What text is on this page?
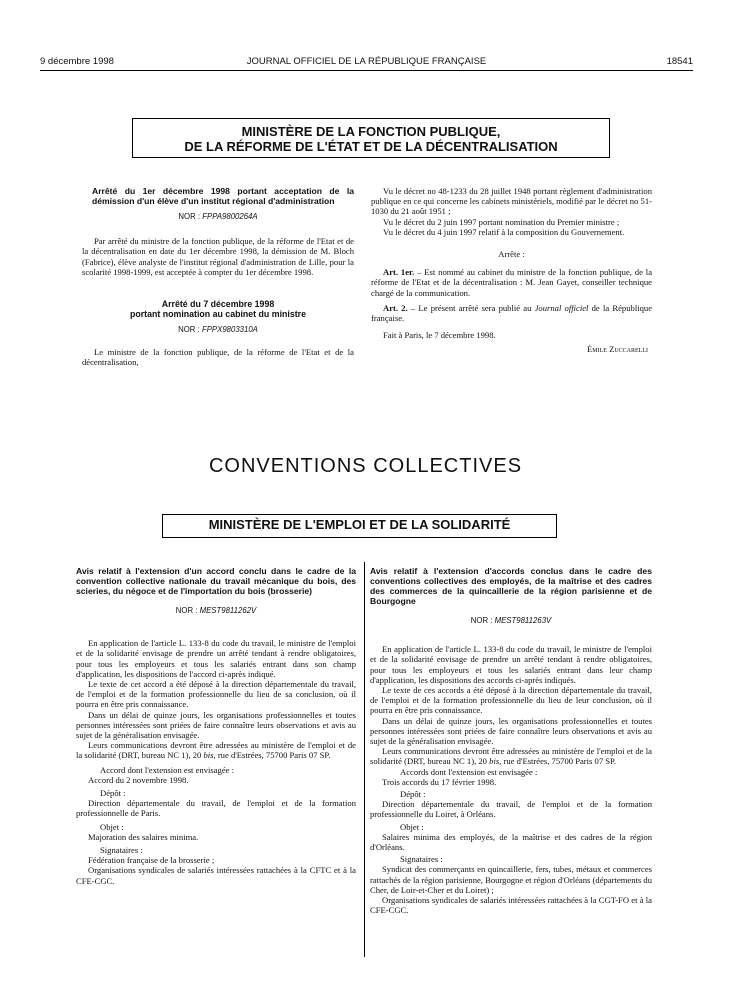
9 décembre 1998	JOURNAL OFFICIEL DE LA RÉPUBLIQUE FRANÇAISE	18541
MINISTÈRE DE LA FONCTION PUBLIQUE,
DE LA RÉFORME DE L'ÉTAT ET DE LA DÉCENTRALISATION
Arrêté du 1er décembre 1998 portant acceptation de la démission d'un élève d'un institut régional d'administration
NOR : FPPA9800264A

Par arrêté du ministre de la fonction publique, de la réforme de l'Etat et de la décentralisation en date du 1er décembre 1998, la démission de M. Bloch (Fabrice), élève analyste de l'institut régional d'administration de Lille, pour la scolarité 1998-1999, est acceptée à compter du 1er décembre 1998.

Arrêté du 7 décembre 1998
portant nomination au cabinet du ministre
NOR : FPPX9803310A

Le ministre de la fonction publique, de la réforme de l'Etat et de la décentralisation,

Vu le décret no 48-1233 du 28 juillet 1948 portant règlement d'administration publique en ce qui concerne les cabinets ministériels, modifié par le décret no 51-1030 du 21 août 1951 ;

Vu le décret du 2 juin 1997 portant nomination du Premier ministre ;

Vu le décret du 4 juin 1997 relatif à la composition du Gouvernement.

Arrête :

Art. 1er. – Est nommé au cabinet du ministre de la fonction publique, de la réforme de l'Etat et de la décentralisation : M. Jean Gayet, conseiller technique chargé de la communication.

Art. 2. – Le présent arrêté sera publié au Journal officiel de la République française.

Fait à Paris, le 7 décembre 1998.

Émile Zuccarelli
CONVENTIONS COLLECTIVES
MINISTÈRE DE L'EMPLOI ET DE LA SOLIDARITÉ
Avis relatif à l'extension d'un accord conclu dans le cadre de la convention collective nationale du travail mécanique du bois, des scieries, du négoce et de l'importation du bois (brosserie)
NOR : MEST9811262V

En application de l'article L. 133-8 du code du travail, le ministre de l'emploi et de la solidarité envisage de prendre un arrêté tendant à rendre obligatoires, pour tous les employeurs et tous les salariés entrant dans son champ d'application, les dispositions de l'accord ci-après indiqué.

Le texte de cet accord a été déposé à la direction départementale du travail, de l'emploi et de la formation professionnelle du lieu de sa conclusion, où il pourra en être pris connaissance.

Dans un délai de quinze jours, les organisations professionnelles et toutes personnes intéressées sont priées de faire connaître leurs observations et avis au sujet de la généralisation envisagée.

Leurs communications devront être adressées au ministère de l'emploi et de la solidarité (DRT, bureau NC 1), 20 bis, rue d'Estrées, 75700 Paris 07 SP.

Accord dont l'extension est envisagée :

Accord du 2 novembre 1998.

Dépôt :

Direction départementale du travail, de l'emploi et de la formation professionnelle de Paris.

Objet :

Majoration des salaires minima.

Signataires :

Fédération française de la brosserie ;

Organisations syndicales de salariés intéressées rattachées à la CFTC et à la CFE-CGC.

Avis relatif à l'extension d'accords conclus dans le cadre des conventions collectives des employés, de la maîtrise et des cadres des commerces de la quincaillerie de la région parisienne et de Bourgogne
NOR : MEST9811263V

En application de l'article L. 133-8 du code du travail, le ministre de l'emploi et de la solidarité envisage de prendre un arrêté tendant à rendre obligatoires, pour tous les employeurs et tous les salariés entrant dans leur champ d'application, les dispositions des accords ci-après indiqués.

Le texte de ces accords a été déposé à la direction départementale du travail, de l'emploi et de la formation professionnelle du lieu de leur conclusion, où il pourra en être pris connaissance.

Dans un délai de quinze jours, les organisations professionnelles et toutes personnes intéressées sont priées de faire connaître leurs observations et avis au sujet de la généralisation envisagée.

Leurs communications devront être adressées au ministère de l'emploi et de la solidarité (DRT, bureau NC 1), 20 bis, rue d'Estrées, 75700 Paris 07 SP.

Accords dont l'extension est envisagée :

Trois accords du 17 février 1998.

Dépôt :

Direction départementale du travail, de l'emploi et de la formation professionnelle du Loiret, à Orléans.

Objet :

Salaires minima des employés, de la maîtrise et des cadres de la région d'Orléans.

Signataires :

Syndicat des commerçants en quincaillerie, fers, tubes, métaux et commerces rattachés de la région parisienne, Bourgogne et région d'Orléans (départements du Cher, de Loir-et-Cher et du Loiret) ;

Organisations syndicales de salariés intéressées rattachées à la CGT-FO et à la CFE-CGC.
